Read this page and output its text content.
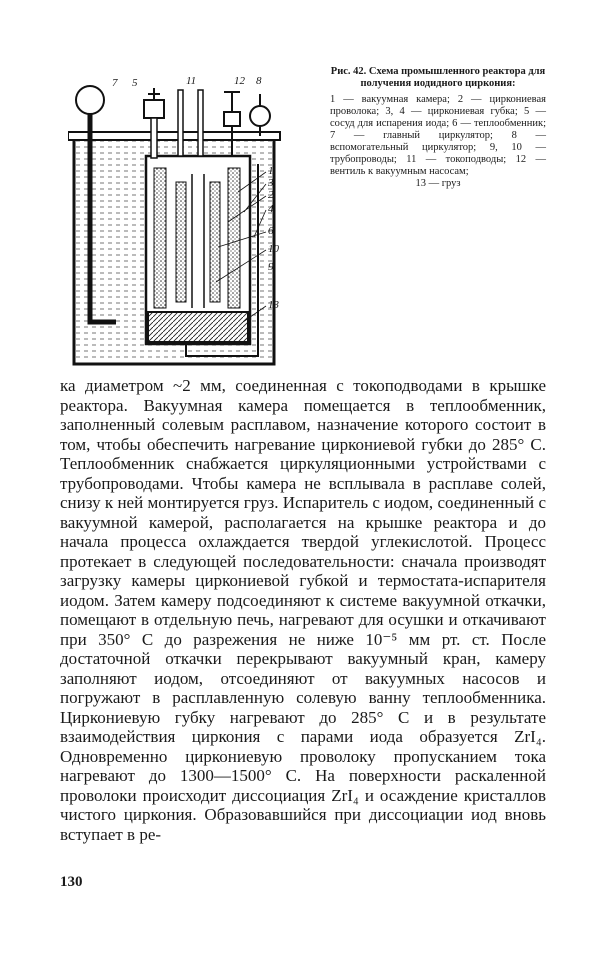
1
3
2
4
6
10
9
13
7 5	11	12 8
Рис. 42. Схема промышленного реактора для получения иодидного циркония:
1 — вакуумная камера; 2 — циркониевая проволока; 3, 4 — циркониевая губка; 5 — сосуд для испарения иода; 6 — теплообменник; 7 — главный циркулятор; 8 — вспомогательный циркулятор; 9, 10 — трубопроводы; 11 — токоподводы; 12 — вентиль к вакуумным насосам;
13 — груз

ка диаметром ~2 мм, соединенная с токоподводами в крышке реактора. Вакуумная камера помещается в теплообменник, заполненный солевым расплавом, назначение которого состоит в том, чтобы обеспечить нагревание циркониевой губки до 285° С. Теплообменник снабжается циркуляционными устройствами с трубопроводами. Чтобы камера не всплывала в расплаве солей, снизу к ней монтируется груз. Испаритель с иодом, соединенный с вакуумной камерой, располагается на крышке реактора и до начала процесса охлаждается твердой углекислотой. Процесс протекает в следующей последовательности: сначала производят загрузку камеры циркониевой губкой и термостата-испарителя иодом. Затем камеру подсоединяют к системе вакуумной откачки, помещают в отдельную печь, нагревают для осушки и откачивают при 350° С до разрежения не ниже 10⁻⁵ мм рт. ст. После достаточной откачки перекрывают вакуумный кран, камеру заполняют иодом, отсоединяют от вакуумных насосов и погружают в расплавленную солевую ванну теплообменника. Циркониевую губку нагревают до 285° С и в результате взаимодействия циркония с парами иода образуется ZrI₄. Одновременно циркониевую проволоку пропусканием тока нагревают до 1300—1500° С. На поверхности раскаленной проволоки происходит диссоциация ZrI₄ и осаждение кристаллов чистого циркония. Образовавшийся при диссоциации иод вновь вступает в ре-

130
